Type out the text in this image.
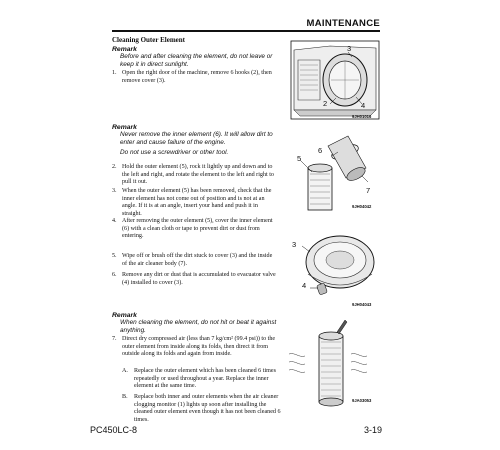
MAINTENANCE
Cleaning Outer Element
Remark
Before and after cleaning the element, do not leave or keep it in direct sunlight.
1. Open the right door of the machine, remove 6 hooks (2), then remove cover (3).
Remark
Never remove the inner element (6). It will allow dirt to enter and cause failure of the engine.
Do not use a screwdriver or other tool.
2. Hold the outer element (5), rock it lightly up and down and to the left and right, and rotate the element to the left and right to pull it out.
3. When the outer element (5) has been removed, check that the inner element has not come out of position and is not at an angle. If it is at an angle, insert your hand and push it in straight.
4. After removing the outer element (5), cover the inner element (6) with a clean cloth or tape to prevent dirt or dust from entering.
5. Wipe off or brush off the dirt stuck to cover (3) and the inside of the air cleaner body (7).
6. Remove any dirt or dust that is accumulated to evacuator valve (4) installed to cover (3).
Remark
When cleaning the element, do not hit or beat it against anything.
7. Direct dry compressed air (less than 7 kg/cm² (99.4 psi)) to the outer element from inside along its folds, then direct it from outside along its folds and again from inside.
A. Replace the outer element which has been cleaned 6 times repeatedly or used throughout a year. Replace the inner element at the same time.
B. Replace both inner and outer elements when the air cleaner clogging monitor (1) lights up soon after installing the cleaned outer element even though it has not been cleaned 6 times.
3
2	4
9JH01016
6
5
7
9JH04042
3
4
9JH04043
9JA03053
PC450LC-8	3-19
